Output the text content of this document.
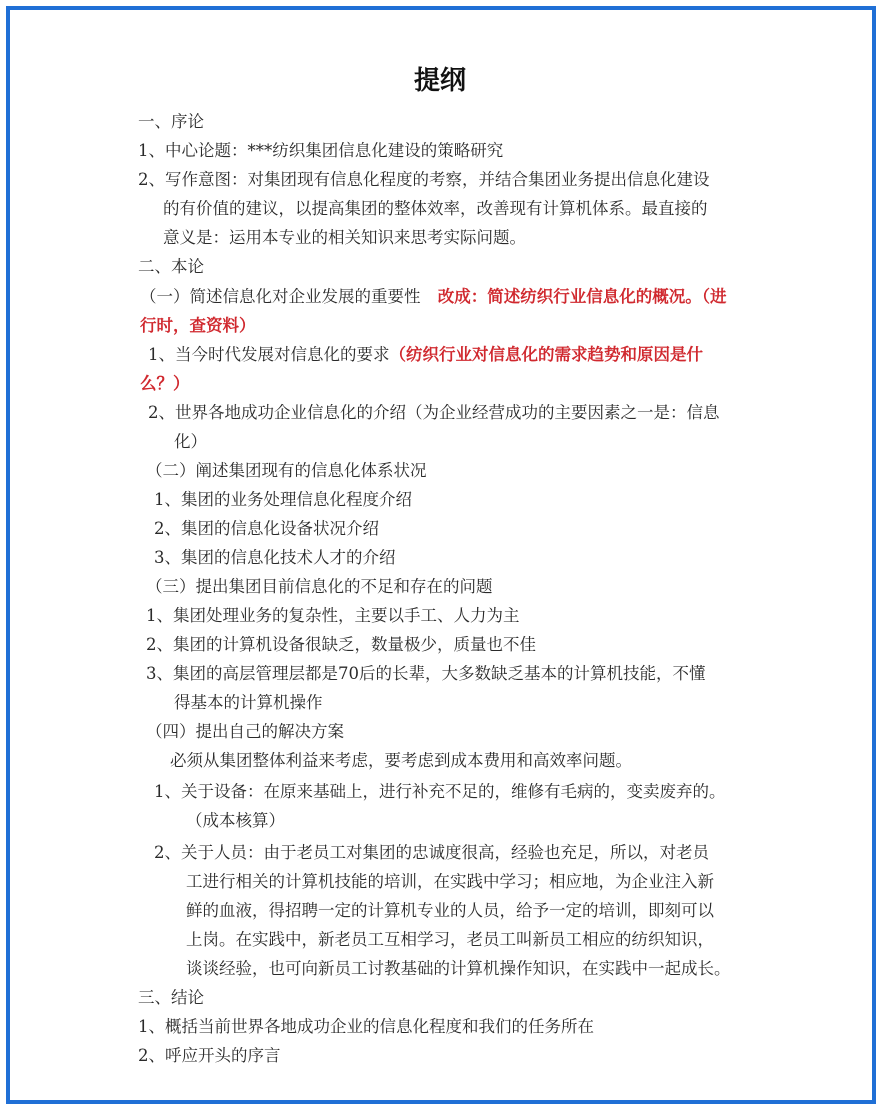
提纲
一、序论
1、中心论题：***纺织集团信息化建设的策略研究
2、写作意图：对集团现有信息化程度的考察，并结合集团业务提出信息化建设
的有价值的建议，以提高集团的整体效率，改善现有计算机体系。最直接的
意义是：运用本专业的相关知识来思考实际问题。
二、本论
（一）简述信息化对企业发展的重要性 改成：简述纺织行业信息化的概况。（进
行时，查资料）
1、当今时代发展对信息化的要求（纺织行业对信息化的需求趋势和原因是什
么？）
2、世界各地成功企业信息化的介绍（为企业经营成功的主要因素之一是：信息
化）
（二）阐述集团现有的信息化体系状况
1、集团的业务处理信息化程度介绍
2、集团的信息化设备状况介绍
3、集团的信息化技术人才的介绍
（三）提出集团目前信息化的不足和存在的问题
1、集团处理业务的复杂性，主要以手工、人力为主
2、集团的计算机设备很缺乏，数量极少，质量也不佳
3、集团的高层管理层都是70后的长辈，大多数缺乏基本的计算机技能，不懂
得基本的计算机操作
（四）提出自己的解决方案
必须从集团整体利益来考虑，要考虑到成本费用和高效率问题。
1、关于设备：在原来基础上，进行补充不足的，维修有毛病的，变卖废弃的。
（成本核算）
2、关于人员：由于老员工对集团的忠诚度很高，经验也充足，所以，对老员
工进行相关的计算机技能的培训，在实践中学习；相应地，为企业注入新
鲜的血液，得招聘一定的计算机专业的人员，给予一定的培训，即刻可以
上岗。在实践中，新老员工互相学习，老员工叫新员工相应的纺织知识，
谈谈经验，也可向新员工讨教基础的计算机操作知识，在实践中一起成长。
三、结论
1、概括当前世界各地成功企业的信息化程度和我们的任务所在
2、呼应开头的序言
